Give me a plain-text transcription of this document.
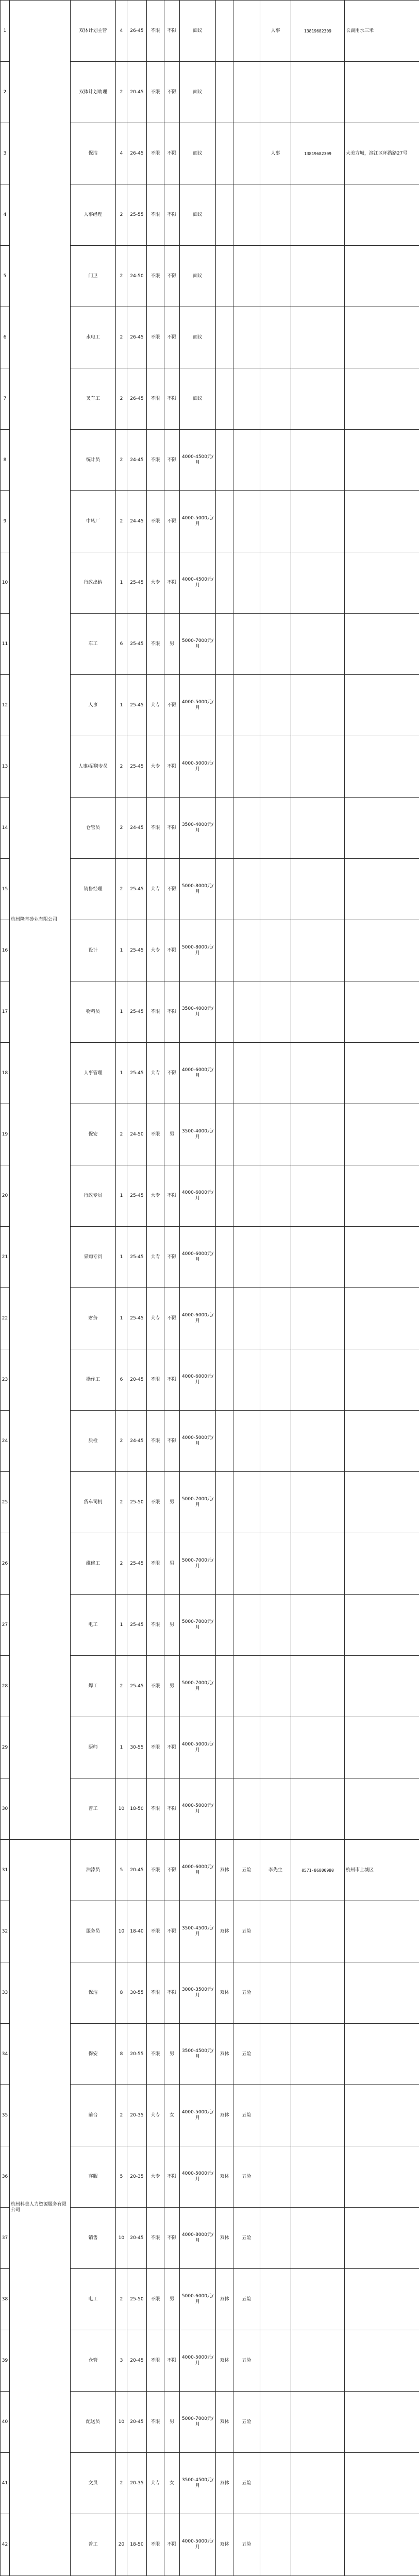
1	杭州隆基砂业有限公司	双体计划主管	4	26-45	不限	不限	面议			人事	13819682309	长湖用水三米
2		双体计划助理	2	20-45	不限	不限	面议					
3		保洁	4	26-45	不限	不限	面议			人事	13819682309	大美方城，滨江区环路路27号
4		人事经理	2	25-55	不限	不限	面议					
5		门卫	2	24-50	不限	不限	面议					
6		水电工	2	26-45	不限	不限	面议					
7		叉车工	2	26-45	不限	不限	面议					
8		统计员	2	24-45	不限	不限	4000-4500元/月					
9		中转厂	2	24-45	不限	不限	4000-5000元/月					
10		行政出纳	1	25-45	大专	不限	4000-4500元/月					
11		车工	6	25-45	不限	男	5000-7000元/月					
12		人事	1	25-45	大专	不限	4000-5000元/月					
13		人事/招聘专员	2	25-45	大专	不限	4000-5000元/月					
14		仓管员	2	24-45	不限	不限	3500-4000元/月					
15		销售经理	2	25-45	大专	不限	5000-8000元/月					
16		设计	1	25-45	大专	不限	5000-8000元/月					
17		物料员	1	25-45	不限	不限	3500-4000元/月					
18		人事管理	1	25-45	大专	不限	4000-6000元/月					
19		保安	2	24-50	不限	男	3500-4000元/月					
20		行政专员	1	25-45	大专	不限	4000-6000元/月					
21		采购专员	1	25-45	大专	不限	4000-6000元/月					
22		财务	1	25-45	大专	不限	4000-6000元/月					
23		操作工	6	20-45	不限	不限	4000-6000元/月					
24		质检	2	24-45	不限	不限	4000-5000元/月					
25		货车司机	2	25-50	不限	男	5000-7000元/月					
26		维修工	2	25-45	不限	男	5000-7000元/月					
27		电工	1	25-45	不限	男	5000-7000元/月					
28		焊工	2	25-45	不限	男	5000-7000元/月					
29		厨师	1	30-55	不限	不限	4000-5000元/月					
30		普工	10	18-50	不限	不限	4000-5000元/月					
31	杭州科美人力资源服务有限公司	油漆员	5	20-45	不限	不限	4000-6000元/月	双休	五险	李先生	0571-86800980	杭州市上城区
32		服务员	10	18-40	不限	不限	3500-4500元/月	双休	五险			
33		保洁	8	30-55	不限	不限	3000-3500元/月	双休	五险			
34		保安	8	20-55	不限	男	3500-4500元/月	双休	五险			
35		前台	2	20-35	大专	女	4000-5000元/月	双休	五险			
36		客服	5	20-35	大专	不限	4000-5000元/月	双休	五险			
37		销售	10	20-45	不限	不限	4000-8000元/月	双休	五险			
38		电工	2	25-50	不限	男	5000-6000元/月	双休	五险			
39		仓管	3	20-45	不限	不限	4000-5000元/月	双休	五险			
40		配送员	10	20-45	不限	男	5000-7000元/月	双休	五险			
41		文员	2	20-35	大专	女	3500-4500元/月	双休	五险			
42		普工	20	18-50	不限	不限	4000-5000元/月	双休	五险			
